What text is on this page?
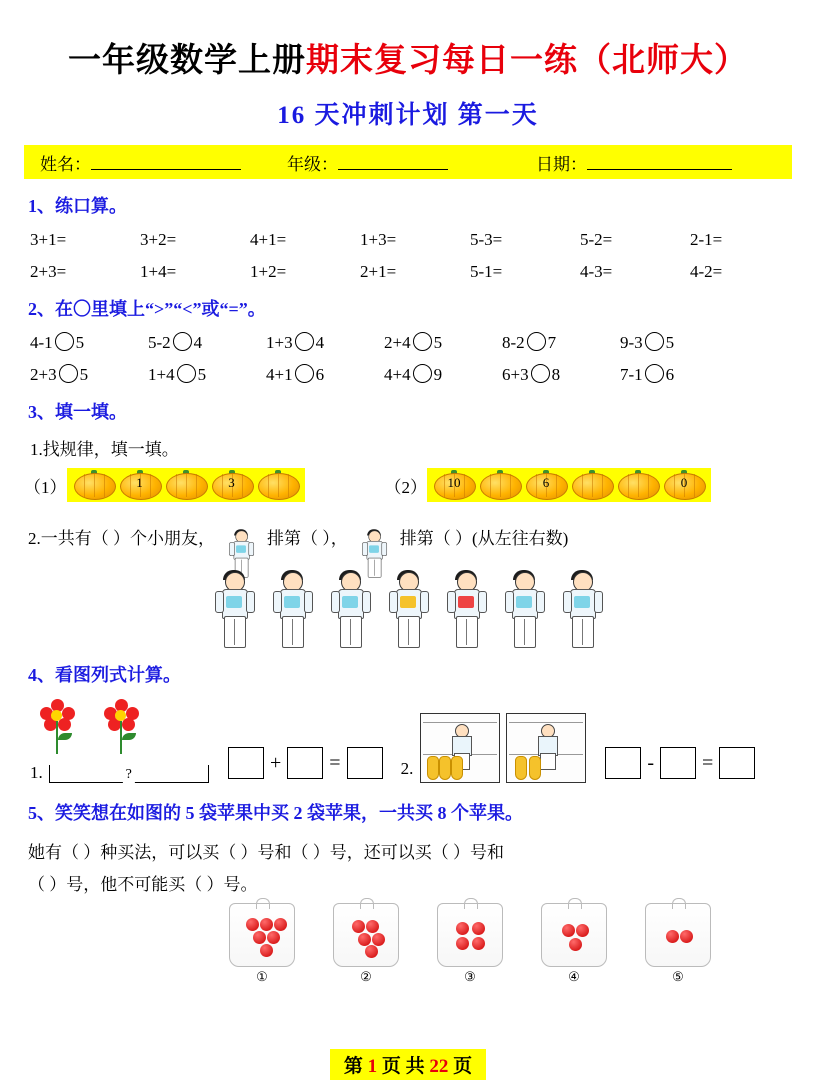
一年级数学上册期末复习每日一练（北师大）
16 天冲刺计划 第一天
姓名：	年级：	日期：
1、练口算。
3+1=	3+2=	4+1=	1+3=	5-3=	5-2=	2-1=
2+3=	1+4=	1+2=	2+1=	5-1=	4-3=	4-2=
2、在〇里填上“>”“<”或“=”。
4-1 5	5-2 4	1+3 4	2+4 5	8-2 7	9-3 5
2+3 5	1+4 5	4+1 6	4+4 9	6+3 8	7-1 6
3、填一填。
1.找规律，填一填。
（1）	1	3	（2）	10	6	0
2.一共有（ ）个小朋友，	排第（ ），	排第（ ）(从左往右数)
4、看图列式计算。
1.	?
+ =	2.	- =
5、笑笑想在如图的 5 袋苹果中买 2 袋苹果，一共买 8 个苹果。
她有（ ）种买法，可以买（ ）号和（ ）号，还可以买（ ）号和
（ ）号，他不可能买（ ）号。
①	②	③	④	⑤
第 1 页 共 22 页
